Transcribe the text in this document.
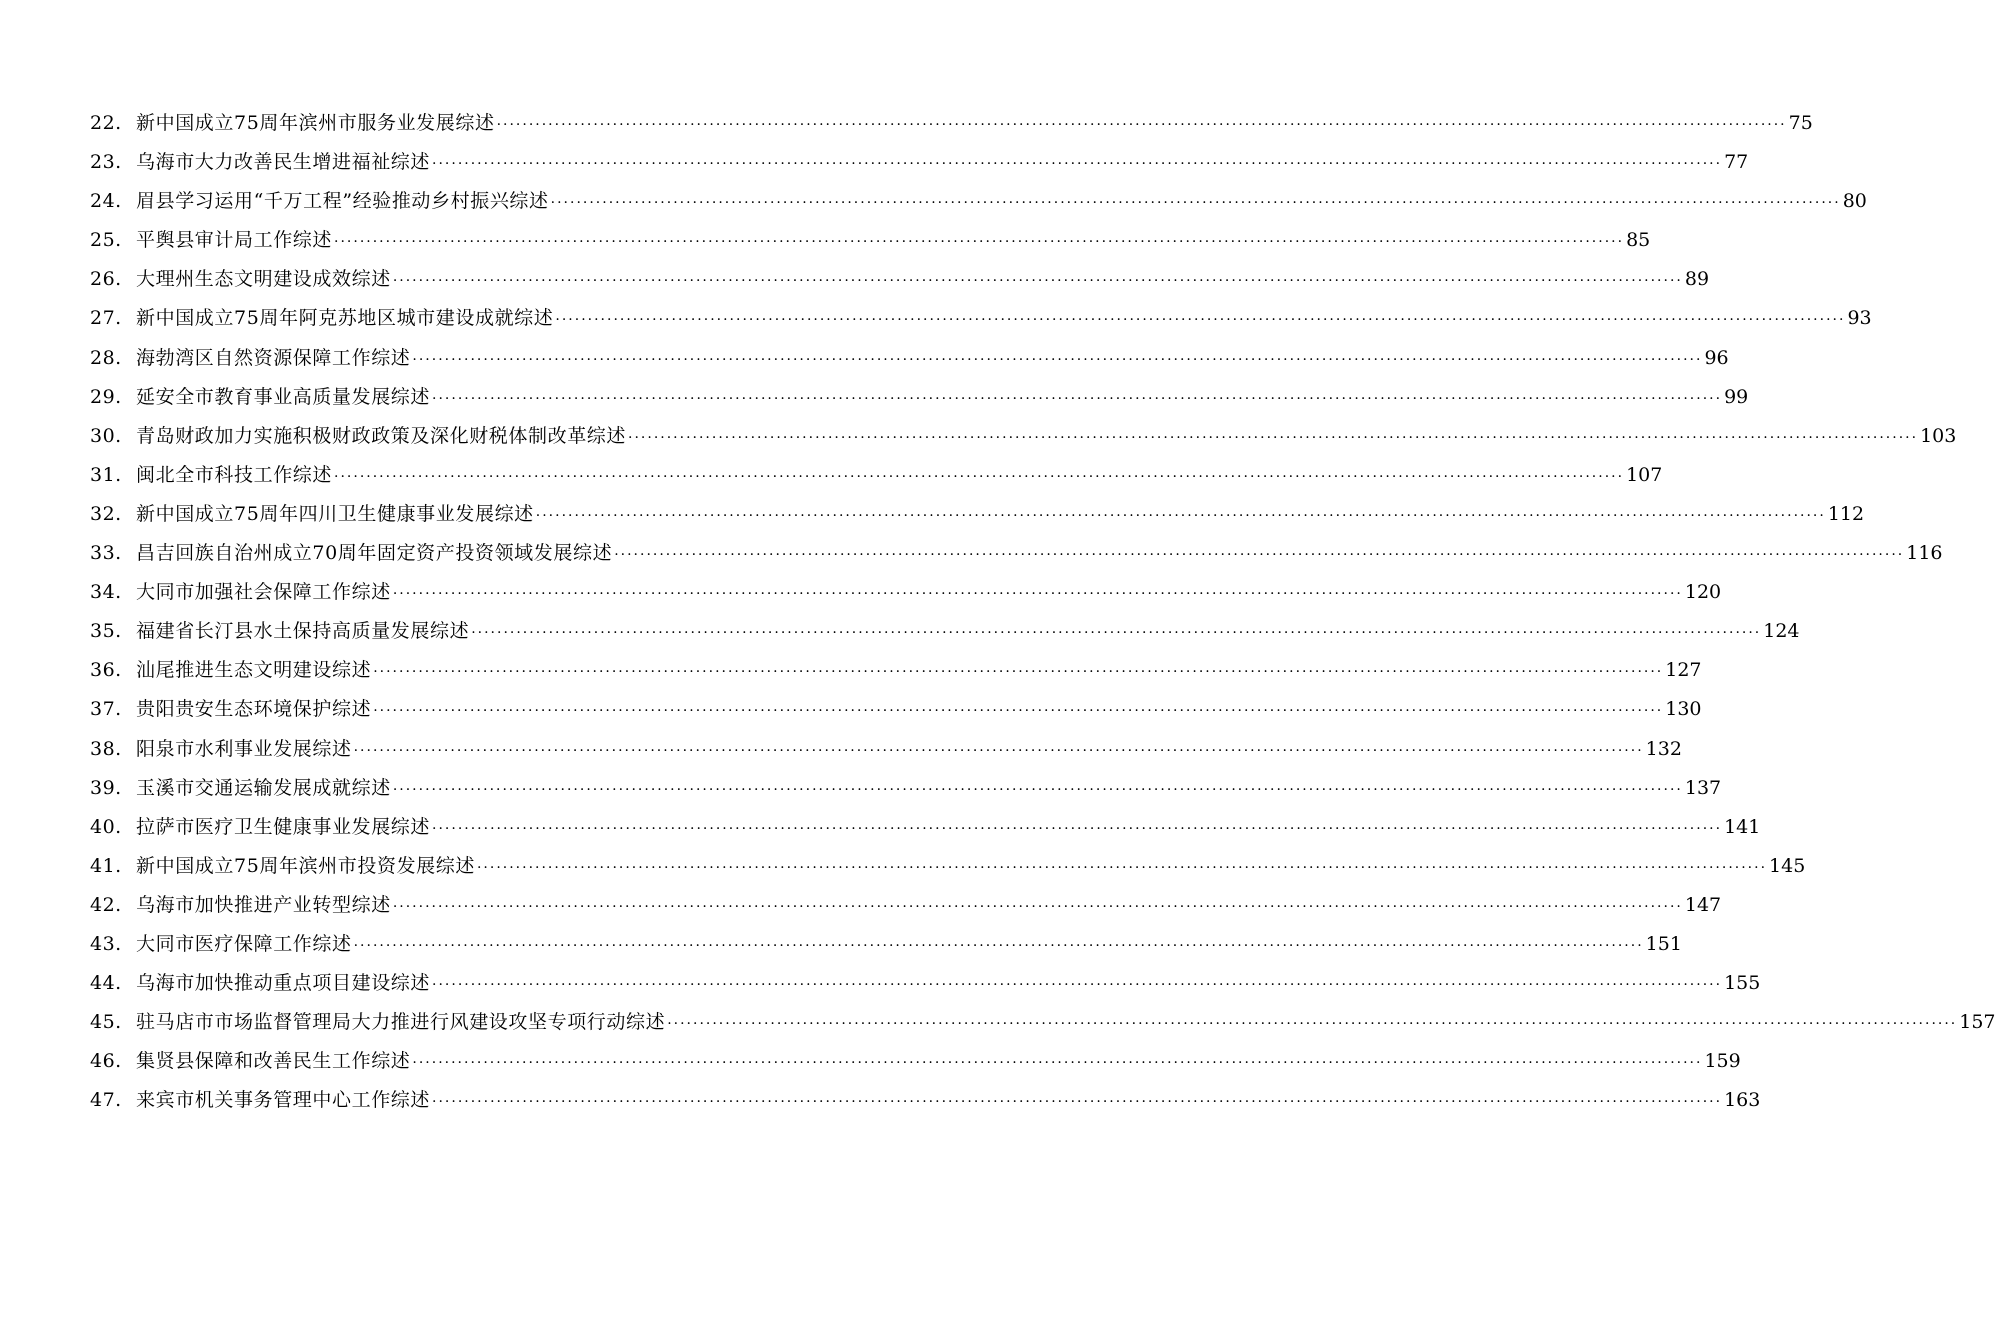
22. 新中国成立75周年滨州市服务业发展综述 ········································································································································································································ 75
23. 乌海市大力改善民生增进福祉综述 ········································································································································································································ 77
24. 眉县学习运用“千万工程”经验推动乡村振兴综述 ········································································································································································································ 80
25. 平舆县审计局工作综述 ········································································································································································································ 85
26. 大理州生态文明建设成效综述 ········································································································································································································ 89
27. 新中国成立75周年阿克苏地区城市建设成就综述 ········································································································································································································ 93
28. 海勃湾区自然资源保障工作综述 ········································································································································································································ 96
29. 延安全市教育事业高质量发展综述 ········································································································································································································ 99
30. 青岛财政加力实施积极财政政策及深化财税体制改革综述 ········································································································································································································ 103
31. 闽北全市科技工作综述 ········································································································································································································ 107
32. 新中国成立75周年四川卫生健康事业发展综述 ········································································································································································································ 112
33. 昌吉回族自治州成立70周年固定资产投资领域发展综述 ········································································································································································································ 116
34. 大同市加强社会保障工作综述 ········································································································································································································ 120
35. 福建省长汀县水土保持高质量发展综述 ········································································································································································································ 124
36. 汕尾推进生态文明建设综述 ········································································································································································································ 127
37. 贵阳贵安生态环境保护综述 ········································································································································································································ 130
38. 阳泉市水利事业发展综述 ········································································································································································································ 132
39. 玉溪市交通运输发展成就综述 ········································································································································································································ 137
40. 拉萨市医疗卫生健康事业发展综述 ········································································································································································································ 141
41. 新中国成立75周年滨州市投资发展综述 ········································································································································································································ 145
42. 乌海市加快推进产业转型综述 ········································································································································································································ 147
43. 大同市医疗保障工作综述 ········································································································································································································ 151
44. 乌海市加快推动重点项目建设综述 ········································································································································································································ 155
45. 驻马店市市场监督管理局大力推进行风建设攻坚专项行动综述 ········································································································································································································ 157
46. 集贤县保障和改善民生工作综述 ········································································································································································································ 159
47. 来宾市机关事务管理中心工作综述 ········································································································································································································ 163
